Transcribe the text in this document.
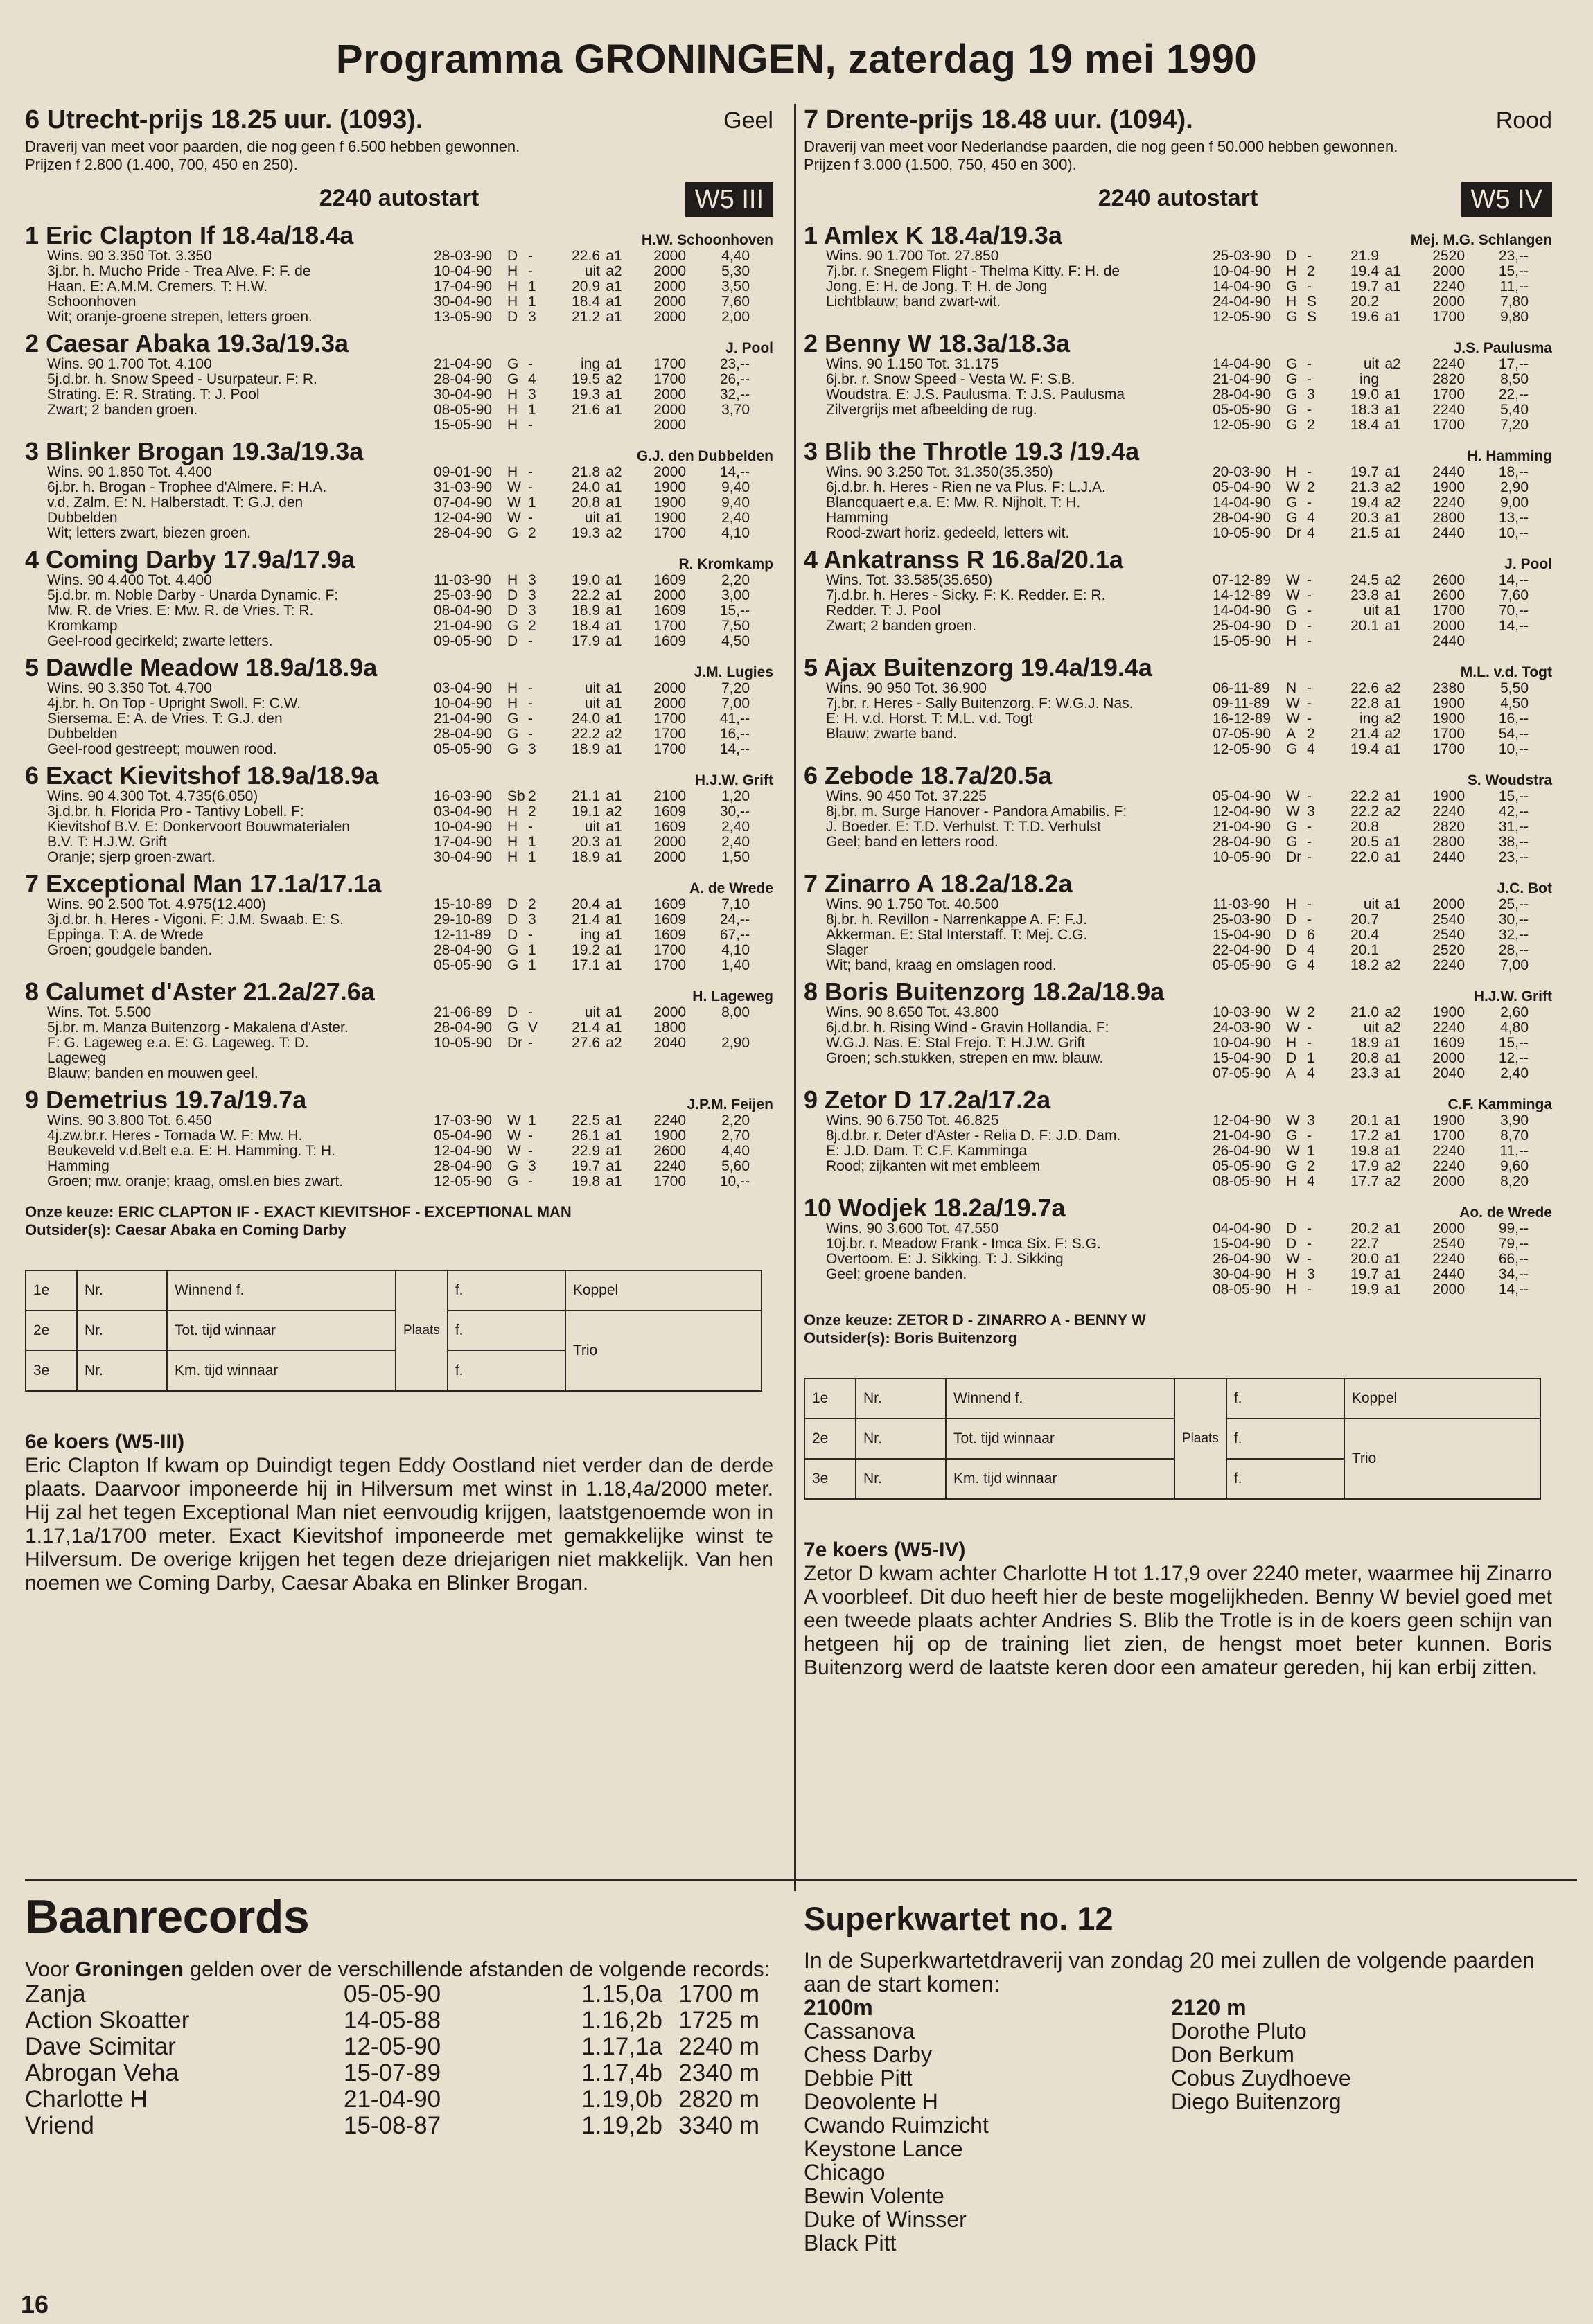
Programma GRONINGEN, zaterdag 19 mei 1990
6 Utrecht-prijs 18.25 uur. (1093).	Geel
Draverij van meet voor paarden, die nog geen f 6.500 hebben gewonnen.
Prijzen f 2.800 (1.400, 700, 450 en 250).
2240 autostart	W5 III
1 Eric Clapton If 18.4a/18.4a	H.W. Schoonhoven
Wins. 90 3.350 Tot. 3.350
3j.br. h. Mucho Pride - Trea Alve. F: F. de
Haan. E: A.M.M. Cremers. T: H.W.
Schoonhoven
Wit; oranje-groene strepen, letters groen.
28-03-90	D -	22.6 a1	2000	4,40
10-04-90	H -	uit a2	2000	5,30
17-04-90	H 1	20.9 a1	2000	3,50
30-04-90	H 1	18.4 a1	2000	7,60
13-05-90	D 3	21.2 a1	2000	2,00
2 Caesar Abaka 19.3a/19.3a	J. Pool
Wins. 90 1.700 Tot. 4.100
5j.d.br. h. Snow Speed - Usurpateur. F: R.
Strating. E: R. Strating. T: J. Pool
Zwart; 2 banden groen.
21-04-90	G -	ing a1	1700	23,--
28-04-90	G 4	19.5 a2	1700	26,--
30-04-90	H 3	19.3 a1	2000	32,--
08-05-90	H 1	21.6 a1	2000	3,70
15-05-90	H -	2000
3 Blinker Brogan 19.3a/19.3a	G.J. den Dubbelden
Wins. 90 1.850 Tot. 4.400
6j.br. h. Brogan - Trophee d'Almere. F: H.A.
v.d. Zalm. E: N. Halberstadt. T: G.J. den
Dubbelden
Wit; letters zwart, biezen groen.
09-01-90	H -	21.8 a2	2000	14,--
31-03-90	W -	24.0 a1	1900	9,40
07-04-90	W 1	20.8 a1	1900	9,40
12-04-90	W -	uit a1	1900	2,40
28-04-90	G 2	19.3 a2	1700	4,10
4 Coming Darby 17.9a/17.9a	R. Kromkamp
Wins. 90 4.400 Tot. 4.400
5j.d.br. m. Noble Darby - Unarda Dynamic. F:
Mw. R. de Vries. E: Mw. R. de Vries. T: R.
Kromkamp
Geel-rood gecirkeld; zwarte letters.
11-03-90	H 3	19.0 a1	1609	2,20
25-03-90	D 3	22.2 a1	2000	3,00
08-04-90	D 3	18.9 a1	1609	15,--
21-04-90	G 2	18.4 a1	1700	7,50
09-05-90	D -	17.9 a1	1609	4,50
5 Dawdle Meadow 18.9a/18.9a	J.M. Lugies
Wins. 90 3.350 Tot. 4.700
4j.br. h. On Top - Upright Swoll. F: C.W.
Siersema. E: A. de Vries. T: G.J. den
Dubbelden
Geel-rood gestreept; mouwen rood.
03-04-90	H -	uit a1	2000	7,20
10-04-90	H -	uit a1	2000	7,00
21-04-90	G -	24.0 a1	1700	41,--
28-04-90	G -	22.2 a2	1700	16,--
05-05-90	G 3	18.9 a1	1700	14,--
6 Exact Kievitshof 18.9a/18.9a	H.J.W. Grift
Wins. 90 4.300 Tot. 4.735(6.050)
3j.d.br. h. Florida Pro - Tantivy Lobell. F:
Kievitshof B.V. E: Donkervoort Bouwmaterialen
B.V. T: H.J.W. Grift
Oranje; sjerp groen-zwart.
16-03-90	Sb 2	21.1 a1	2100	1,20
03-04-90	H 2	19.1 a2	1609	30,--
10-04-90	H -	uit a1	1609	2,40
17-04-90	H 1	20.3 a1	2000	2,40
30-04-90	H 1	18.9 a1	2000	1,50
7 Exceptional Man 17.1a/17.1a	A. de Wrede
Wins. 90 2.500 Tot. 4.975(12.400)
3j.d.br. h. Heres - Vigoni. F: J.M. Swaab. E: S.
Eppinga. T: A. de Wrede
Groen; goudgele banden.
15-10-89	D 2	20.4 a1	1609	7,10
29-10-89	D 3	21.4 a1	1609	24,--
12-11-89	D -	ing a1	1609	67,--
28-04-90	G 1	19.2 a1	1700	4,10
05-05-90	G 1	17.1 a1	1700	1,40
8 Calumet d'Aster 21.2a/27.6a	H. Lageweg
Wins. Tot. 5.500
5j.br. m. Manza Buitenzorg - Makalena d'Aster.
F: G. Lageweg e.a. E: G. Lageweg. T: D.
Lageweg
Blauw; banden en mouwen geel.
21-06-89	D -	uit a1	2000	8,00
28-04-90	G V	21.4 a1	1800
10-05-90	Dr -	27.6 a2	2040	2,90
9 Demetrius 19.7a/19.7a	J.P.M. Feijen
Wins. 90 3.800 Tot. 6.450
4j.zw.br.r. Heres - Tornada W. F: Mw. H.
Beukeveld v.d.Belt e.a. E: H. Hamming. T: H.
Hamming
Groen; mw. oranje; kraag, omsl.en bies zwart.
17-03-90	W 1	22.5 a1	2240	2,20
05-04-90	W -	26.1 a1	1900	2,70
12-04-90	W -	22.9 a1	2600	4,40
28-04-90	G 3	19.7 a1	2240	5,60
12-05-90	G -	19.8 a1	1700	10,--
Onze keuze: ERIC CLAPTON IF - EXACT KIEVITSHOF - EXCEPTIONAL MAN
Outsider(s): Caesar Abaka en Coming Darby
1e	Nr.	Winnend f.	Plaats	f.	Koppel
2e	Nr.	Tot. tijd winnaar		f.	Trio
3e	Nr.	Km. tijd winnaar		f.	
6e koers (W5-III)
Eric Clapton If kwam op Duindigt tegen Eddy Oostland niet verder dan de derde plaats. Daarvoor imponeerde hij in Hilversum met winst in 1.18,4a/2000 meter. Hij zal het tegen Exceptional Man niet eenvoudig krijgen, laatstgenoemde won in 1.17,1a/1700 meter. Exact Kievitshof imponeerde met gemakkelijke winst te Hilversum. De overige krijgen het tegen deze driejarigen niet makkelijk. Van hen noemen we Coming Darby, Caesar Abaka en Blinker Brogan.
7 Drente-prijs 18.48 uur. (1094).	Rood
Draverij van meet voor Nederlandse paarden, die nog geen f 50.000 hebben gewonnen.
Prijzen f 3.000 (1.500, 750, 450 en 300).
2240 autostart	W5 IV
1 Amlex K 18.4a/19.3a	Mej. M.G. Schlangen
Wins. 90 1.700 Tot. 27.850
7j.br. r. Snegem Flight - Thelma Kitty. F: H. de
Jong. E: H. de Jong. T: H. de Jong
Lichtblauw; band zwart-wit.
25-03-90	D -	21.9	2520	23,--
10-04-90	H 2	19.4 a1	2000	15,--
14-04-90	G -	19.7 a1	2240	11,--
24-04-90	H S	20.2	2000	7,80
12-05-90	G S	19.6 a1	1700	9,80
2 Benny W 18.3a/18.3a	J.S. Paulusma
Wins. 90 1.150 Tot. 31.175
6j.br. r. Snow Speed - Vesta W. F: S.B.
Woudstra. E: J.S. Paulusma. T: J.S. Paulusma
Zilvergrijs met afbeelding de rug.
14-04-90	G -	uit a2	2240	17,--
21-04-90	G -	ing	2820	8,50
28-04-90	G 3	19.0 a1	1700	22,--
05-05-90	G -	18.3 a1	2240	5,40
12-05-90	G 2	18.4 a1	1700	7,20
3 Blib the Throtle 19.3 /19.4a	H. Hamming
Wins. 90 3.250 Tot. 31.350(35.350)
6j.d.br. h. Heres - Rien ne va Plus. F: L.J.A.
Blancquaert e.a. E: Mw. R. Nijholt. T: H.
Hamming
Rood-zwart horiz. gedeeld, letters wit.
20-03-90	H -	19.7 a1	2440	18,--
05-04-90	W 2	21.3 a2	1900	2,90
14-04-90	G -	19.4 a2	2240	9,00
28-04-90	G 4	20.3 a1	2800	13,--
10-05-90	Dr 4	21.5 a1	2440	10,--
4 Ankatranss R 16.8a/20.1a	J. Pool
Wins. Tot. 33.585(35.650)
7j.d.br. h. Heres - Sicky. F: K. Redder. E: R.
Redder. T: J. Pool
Zwart; 2 banden groen.
07-12-89	W -	24.5 a2	2600	14,--
14-12-89	W -	23.8 a1	2600	7,60
14-04-90	G -	uit a1	1700	70,--
25-04-90	D -	20.1 a1	2000	14,--
15-05-90	H -	2440
5 Ajax Buitenzorg 19.4a/19.4a	M.L. v.d. Togt
Wins. 90 950 Tot. 36.900
7j.br. r. Heres - Sally Buitenzorg. F: W.G.J. Nas.
E: H. v.d. Horst. T: M.L. v.d. Togt
Blauw; zwarte band.
06-11-89	N -	22.6 a2	2380	5,50
09-11-89	W -	22.8 a1	1900	4,50
16-12-89	W -	ing a2	1900	16,--
07-05-90	A 2	21.4 a2	1700	54,--
12-05-90	G 4	19.4 a1	1700	10,--
6 Zebode 18.7a/20.5a	S. Woudstra
Wins. 90 450 Tot. 37.225
8j.br. m. Surge Hanover - Pandora Amabilis. F:
J. Boeder. E: T.D. Verhulst. T: T.D. Verhulst
Geel; band en letters rood.
05-04-90	W -	22.2 a1	1900	15,--
12-04-90	W 3	22.2 a2	2240	42,--
21-04-90	G -	20.8	2820	31,--
28-04-90	G -	20.5 a1	2800	38,--
10-05-90	Dr -	22.0 a1	2440	23,--
7 Zinarro A 18.2a/18.2a	J.C. Bot
Wins. 90 1.750 Tot. 40.500
8j.br. h. Revillon - Narrenkappe A. F: F.J.
Akkerman. E: Stal Interstaff. T: Mej. C.G.
Slager
Wit; band, kraag en omslagen rood.
11-03-90	H -	uit a1	2000	25,--
25-03-90	D -	20.7	2540	30,--
15-04-90	D 6	20.4	2540	32,--
22-04-90	D 4	20.1	2520	28,--
05-05-90	G 4	18.2 a2	2240	7,00
8 Boris Buitenzorg 18.2a/18.9a	H.J.W. Grift
Wins. 90 8.650 Tot. 43.800
6j.d.br. h. Rising Wind - Gravin Hollandia. F:
W.G.J. Nas. E: Stal Frejo. T: H.J.W. Grift
Groen; sch.stukken, strepen en mw. blauw.
10-03-90	W 2	21.0 a2	1900	2,60
24-03-90	W -	uit a2	2240	4,80
10-04-90	H -	18.9 a1	1609	15,--
15-04-90	D 1	20.8 a1	2000	12,--
07-05-90	A 4	23.3 a1	2040	2,40
9 Zetor D 17.2a/17.2a	C.F. Kamminga
Wins. 90 6.750 Tot. 46.825
8j.d.br. r. Deter d'Aster - Relia D. F: J.D. Dam.
E: J.D. Dam. T: C.F. Kamminga
Rood; zijkanten wit met embleem
12-04-90	W 3	20.1 a1	1900	3,90
21-04-90	G -	17.2 a1	1700	8,70
26-04-90	W 1	19.8 a1	2240	11,--
05-05-90	G 2	17.9 a2	2240	9,60
08-05-90	H 4	17.7 a2	2000	8,20
10 Wodjek 18.2a/19.7a	Ao. de Wrede
Wins. 90 3.600 Tot. 47.550
10j.br. r. Meadow Frank - Imca Six. F: S.G.
Overtoom. E: J. Sikking. T: J. Sikking
Geel; groene banden.
04-04-90	D -	20.2 a1	2000	99,--
15-04-90	D -	22.7	2540	79,--
26-04-90	W -	20.0 a1	2240	66,--
30-04-90	H 3	19.7 a1	2440	34,--
08-05-90	H -	19.9 a1	2000	14,--
Onze keuze: ZETOR D - ZINARRO A - BENNY W
Outsider(s): Boris Buitenzorg
1e	Nr.	Winnend f.	Plaats	f.	Koppel
2e	Nr.	Tot. tijd winnaar		f.	Trio
3e	Nr.	Km. tijd winnaar		f.	
7e koers (W5-IV)
Zetor D kwam achter Charlotte H tot 1.17,9 over 2240 meter, waarmee hij Zinarro A voorbleef. Dit duo heeft hier de beste mogelijkheden. Benny W beviel goed met een tweede plaats achter Andries S. Blib the Trotle is in de koers geen schijn van hetgeen hij op de training liet zien, de hengst moet beter kunnen. Boris Buitenzorg werd de laatste keren door een amateur gereden, hij kan erbij zitten.
Baanrecords
Voor Groningen gelden over de verschillende afstanden de volgende records:
Zanja	05-05-90	1.15,0a 1700 m
Action Skoatter	14-05-88	1.16,2b 1725 m
Dave Scimitar	12-05-90	1.17,1a 2240 m
Abrogan Veha	15-07-89	1.17,4b 2340 m
Charlotte H	21-04-90	1.19,0b 2820 m
Vriend	15-08-87	1.19,2b 3340 m
Superkwartet no. 12
In de Superkwartetdraverij van zondag 20 mei zullen de volgende paarden aan de start komen:
2100m
Cassanova
Chess Darby
Debbie Pitt
Deovolente H
Cwando Ruimzicht
Keystone Lance
Chicago
Bewin Volente
Duke of Winsser
Black Pitt
2120 m
Dorothe Pluto
Don Berkum
Cobus Zuydhoeve
Diego Buitenzorg
16
